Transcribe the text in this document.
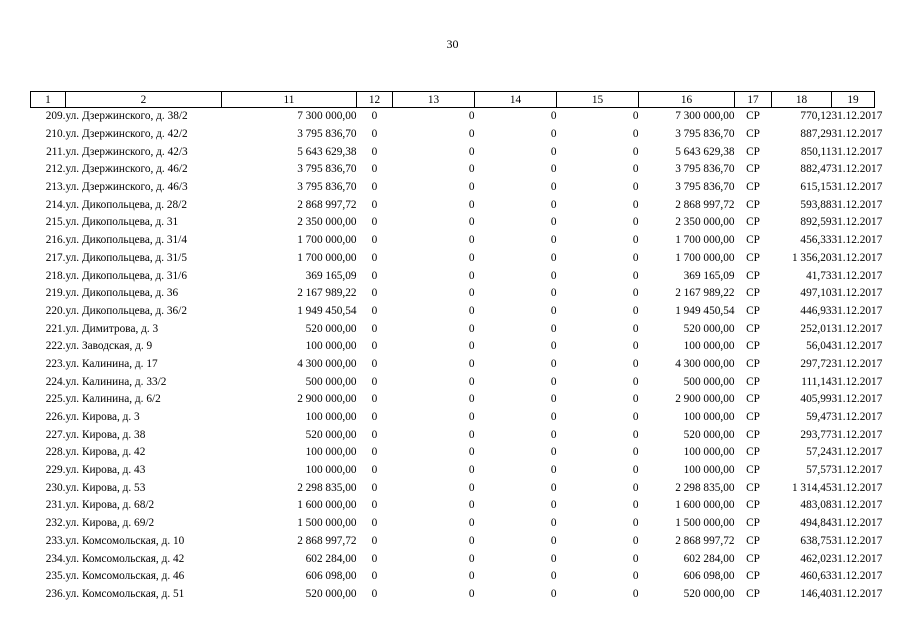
30
1	2	11	12	13	14	15	16	17	18	19
209.	ул. Дзержинского, д. 38/2	7 300 000,00	0	0	0	0	7 300 000,00	СР	770,12	31.12.2017
210.	ул. Дзержинского, д. 42/2	3 795 836,70	0	0	0	0	3 795 836,70	СР	887,29	31.12.2017
211.	ул. Дзержинского, д. 42/3	5 643 629,38	0	0	0	0	5 643 629,38	СР	850,11	31.12.2017
212.	ул. Дзержинского, д. 46/2	3 795 836,70	0	0	0	0	3 795 836,70	СР	882,47	31.12.2017
213.	ул. Дзержинского, д. 46/3	3 795 836,70	0	0	0	0	3 795 836,70	СР	615,15	31.12.2017
214.	ул. Дикопольцева, д. 28/2	2 868 997,72	0	0	0	0	2 868 997,72	СР	593,88	31.12.2017
215.	ул. Дикопольцева, д. 31	2 350 000,00	0	0	0	0	2 350 000,00	СР	892,59	31.12.2017
216.	ул. Дикопольцева, д. 31/4	1 700 000,00	0	0	0	0	1 700 000,00	СР	456,33	31.12.2017
217.	ул. Дикопольцева, д. 31/5	1 700 000,00	0	0	0	0	1 700 000,00	СР	1 356,20	31.12.2017
218.	ул. Дикопольцева, д. 31/6	369 165,09	0	0	0	0	369 165,09	СР	41,73	31.12.2017
219.	ул. Дикопольцева, д. 36	2 167 989,22	0	0	0	0	2 167 989,22	СР	497,10	31.12.2017
220.	ул. Дикопольцева, д. 36/2	1 949 450,54	0	0	0	0	1 949 450,54	СР	446,93	31.12.2017
221.	ул. Димитрова, д. 3	520 000,00	0	0	0	0	520 000,00	СР	252,01	31.12.2017
222.	ул. Заводская, д. 9	100 000,00	0	0	0	0	100 000,00	СР	56,04	31.12.2017
223.	ул. Калинина, д. 17	4 300 000,00	0	0	0	0	4 300 000,00	СР	297,72	31.12.2017
224.	ул. Калинина, д. 33/2	500 000,00	0	0	0	0	500 000,00	СР	111,14	31.12.2017
225.	ул. Калинина, д. 6/2	2 900 000,00	0	0	0	0	2 900 000,00	СР	405,99	31.12.2017
226.	ул. Кирова, д. 3	100 000,00	0	0	0	0	100 000,00	СР	59,47	31.12.2017
227.	ул. Кирова, д. 38	520 000,00	0	0	0	0	520 000,00	СР	293,77	31.12.2017
228.	ул. Кирова, д. 42	100 000,00	0	0	0	0	100 000,00	СР	57,24	31.12.2017
229.	ул. Кирова, д. 43	100 000,00	0	0	0	0	100 000,00	СР	57,57	31.12.2017
230.	ул. Кирова, д. 53	2 298 835,00	0	0	0	0	2 298 835,00	СР	1 314,45	31.12.2017
231.	ул. Кирова, д. 68/2	1 600 000,00	0	0	0	0	1 600 000,00	СР	483,08	31.12.2017
232.	ул. Кирова, д. 69/2	1 500 000,00	0	0	0	0	1 500 000,00	СР	494,84	31.12.2017
233.	ул. Комсомольская, д. 10	2 868 997,72	0	0	0	0	2 868 997,72	СР	638,75	31.12.2017
234.	ул. Комсомольская, д. 42	602 284,00	0	0	0	0	602 284,00	СР	462,02	31.12.2017
235.	ул. Комсомольская, д. 46	606 098,00	0	0	0	0	606 098,00	СР	460,63	31.12.2017
236.	ул. Комсомольская, д. 51	520 000,00	0	0	0	0	520 000,00	СР	146,40	31.12.2017
